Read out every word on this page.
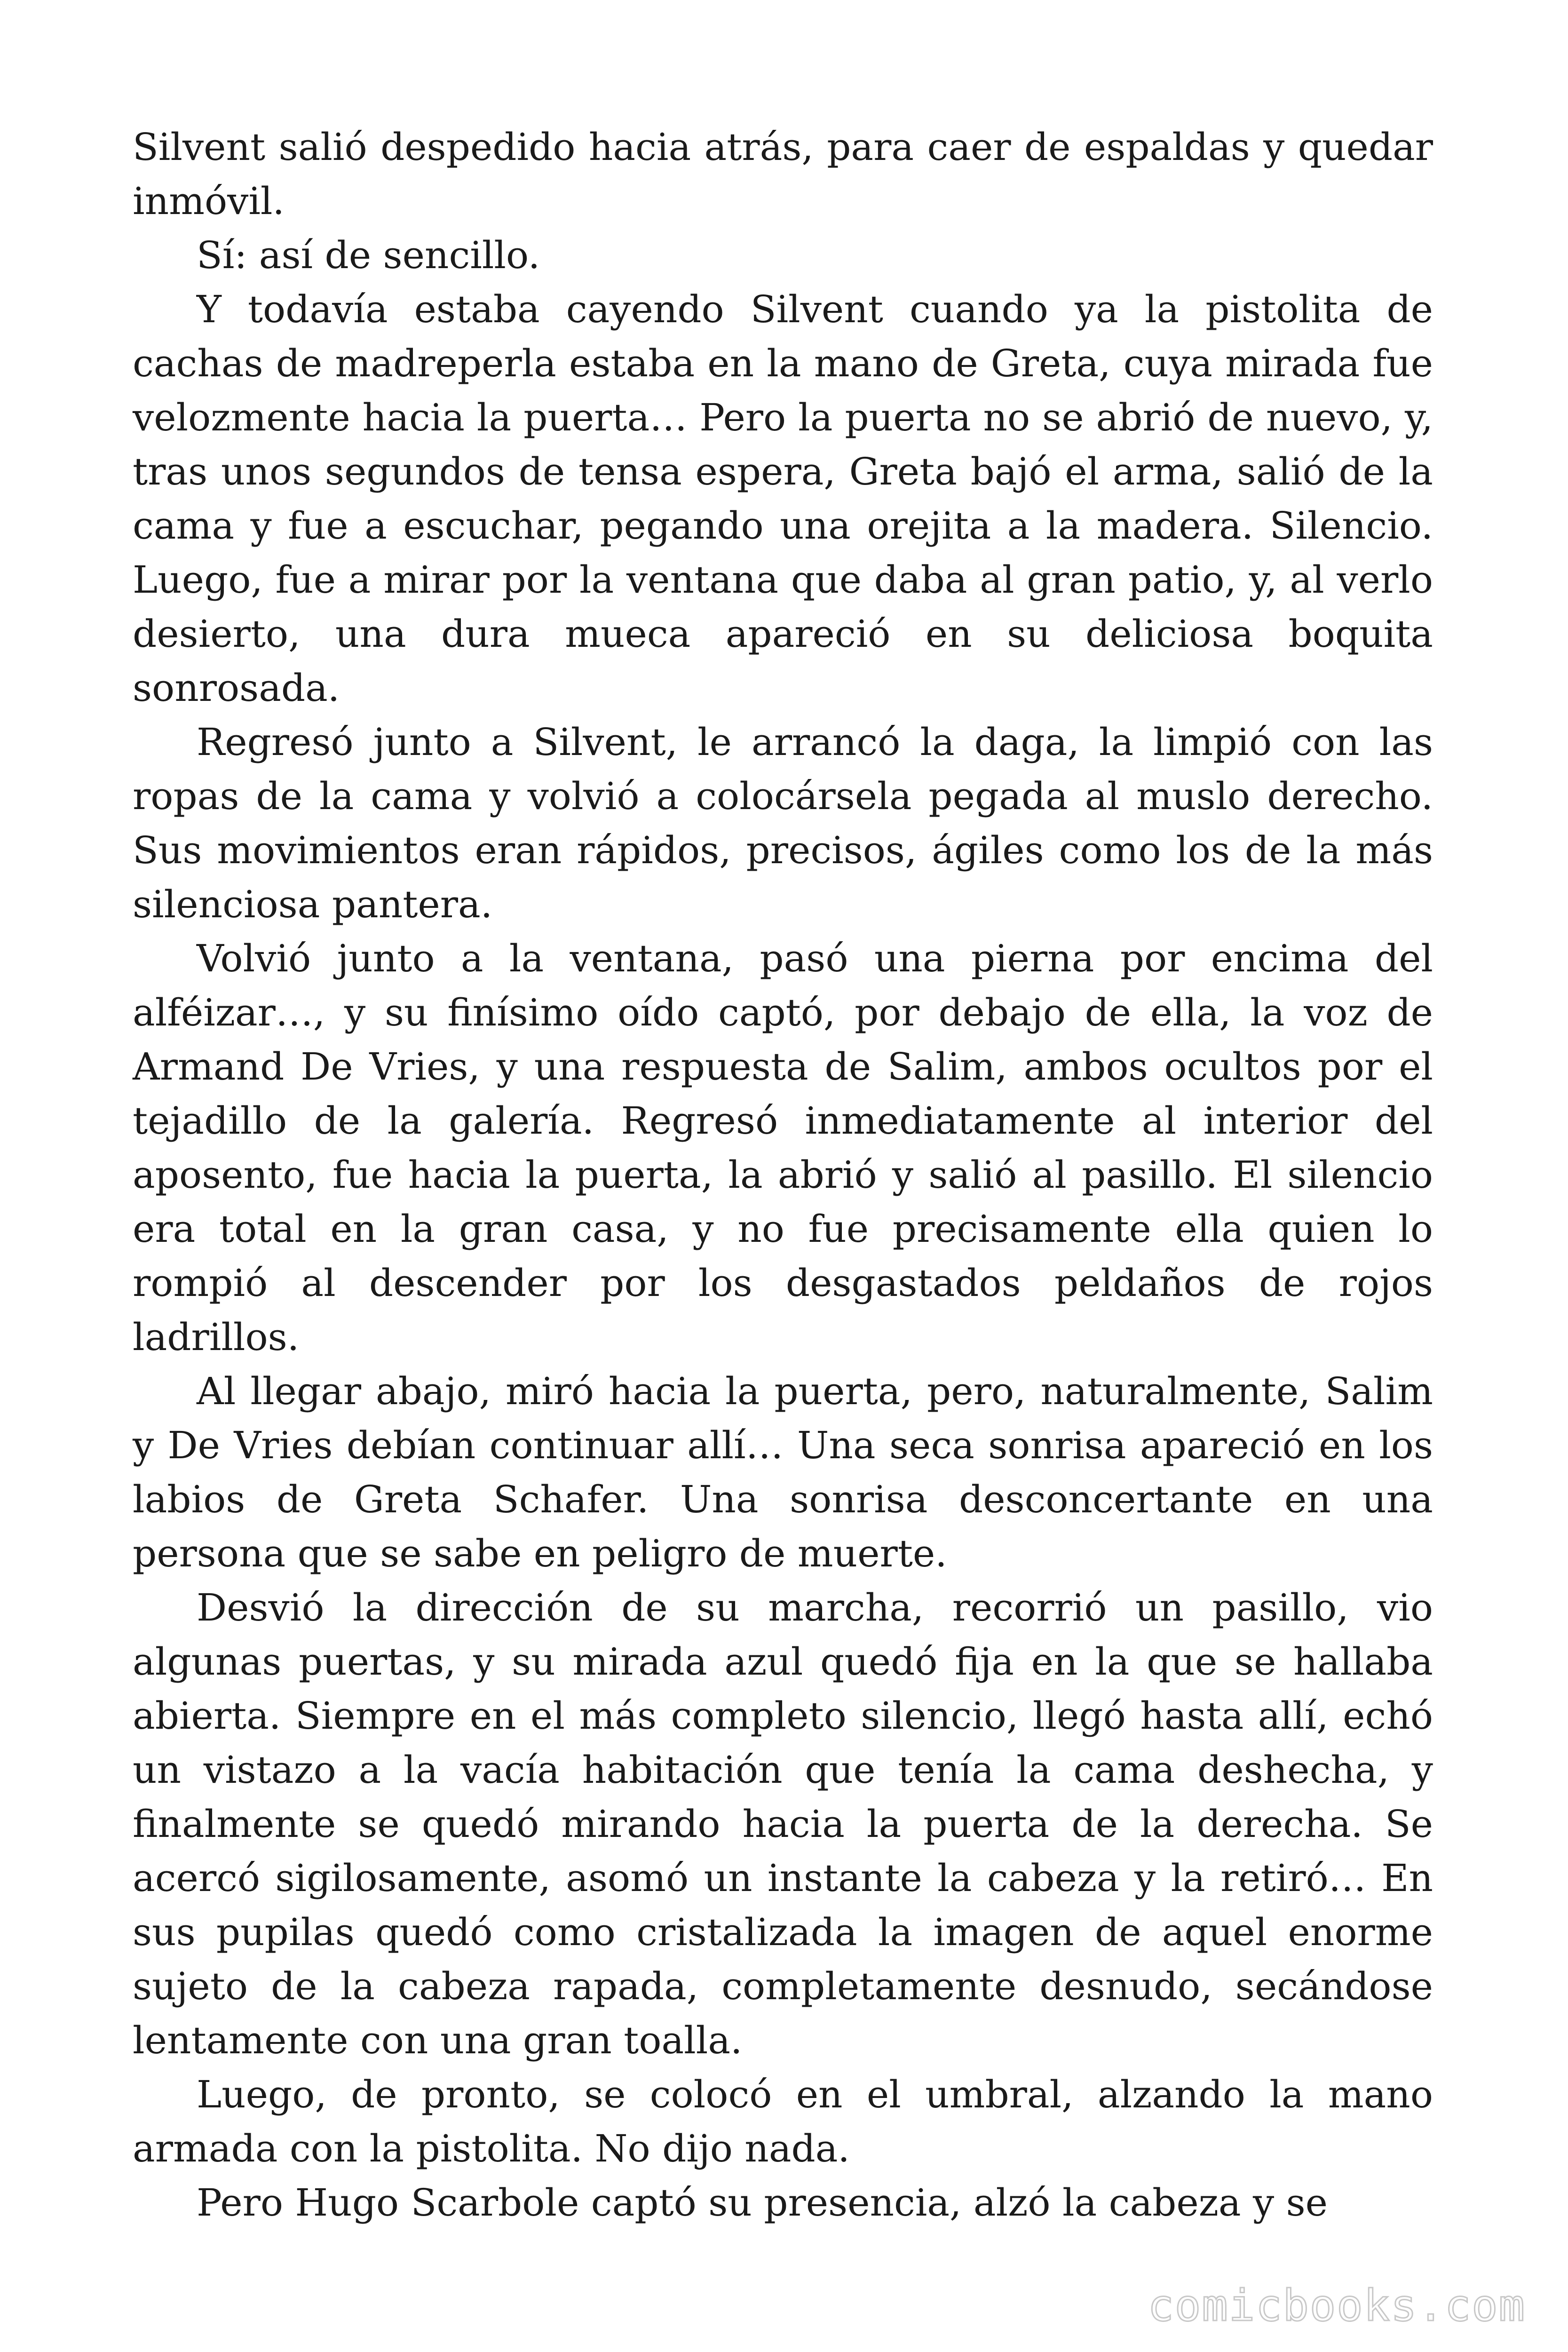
Silvent salió despedido hacia atrás, para caer de espaldas y quedar inmóvil.

Sí: así de sencillo.

Y todavía estaba cayendo Silvent cuando ya la pistolita de cachas de madreperla estaba en la mano de Greta, cuya mirada fue velozmente hacia la puerta… Pero la puerta no se abrió de nuevo, y, tras unos segundos de tensa espera, Greta bajó el arma, salió de la cama y fue a escuchar, pegando una orejita a la madera. Silencio. Luego, fue a mirar por la ventana que daba al gran patio, y, al verlo desierto, una dura mueca apareció en su deliciosa boquita sonrosada.

Regresó junto a Silvent, le arrancó la daga, la limpió con las ropas de la cama y volvió a colocársela pegada al muslo derecho. Sus movimientos eran rápidos, precisos, ágiles como los de la más silenciosa pantera.

Volvió junto a la ventana, pasó una pierna por encima del alféizar…, y su finísimo oído captó, por debajo de ella, la voz de Armand De Vries, y una respuesta de Salim, ambos ocultos por el tejadillo de la galería. Regresó inmediatamente al interior del aposento, fue hacia la puerta, la abrió y salió al pasillo. El silencio era total en la gran casa, y no fue precisamente ella quien lo rompió al descender por los desgastados peldaños de rojos ladrillos.

Al llegar abajo, miró hacia la puerta, pero, naturalmente, Salim y De Vries debían continuar allí… Una seca sonrisa apareció en los labios de Greta Schafer. Una sonrisa desconcertante en una persona que se sabe en peligro de muerte.

Desvió la dirección de su marcha, recorrió un pasillo, vio algunas puertas, y su mirada azul quedó fija en la que se hallaba abierta. Siempre en el más completo silencio, llegó hasta allí, echó un vistazo a la vacía habitación que tenía la cama deshecha, y finalmente se quedó mirando hacia la puerta de la derecha. Se acercó sigilosamente, asomó un instante la cabeza y la retiró… En sus pupilas quedó como cristalizada la imagen de aquel enorme sujeto de la cabeza rapada, completamente desnudo, secándose lentamente con una gran toalla.

Luego, de pronto, se colocó en el umbral, alzando la mano armada con la pistolita. No dijo nada.

Pero Hugo Scarbole captó su presencia, alzó la cabeza y se

comicbooks.com
